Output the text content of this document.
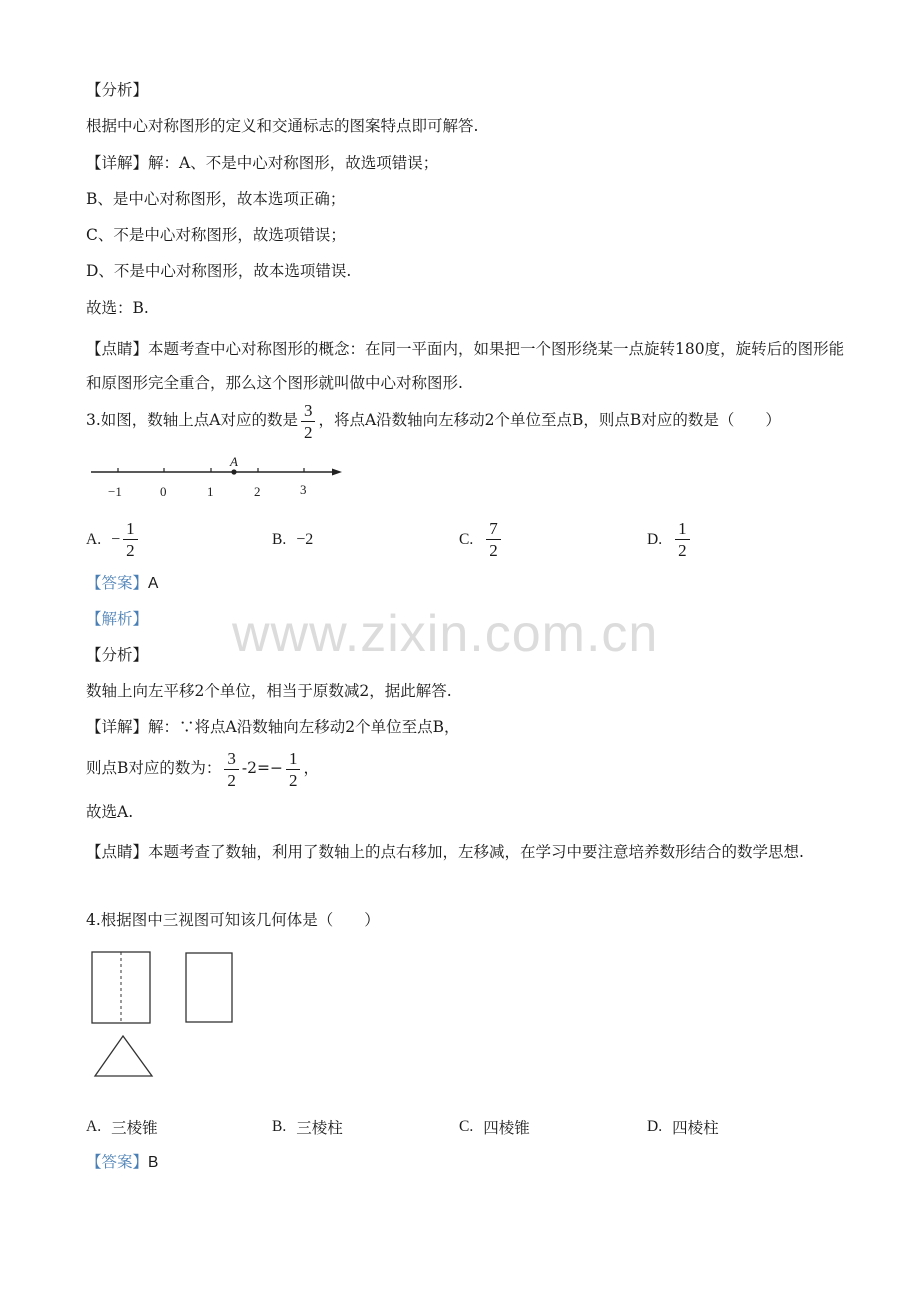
【分析】
根据中心对称图形的定义和交通标志的图案特点即可解答.
【详解】解：A、不是中心对称图形，故选项错误；
B、是中心对称图形，故本选项正确；
C、不是中心对称图形，故选项错误；
D、不是中心对称图形，故本选项错误.
故选：B.
【点睛】本题考查中心对称图形的概念：在同一平面内，如果把一个图形绕某一点旋转180度，旋转后的图形能和原图形完全重合，那么这个图形就叫做中心对称图形.
3.如图，数轴上点A对应的数是 $\frac{3}{2}$ ，将点A沿数轴向左移动2个单位至点B，则点B对应的数是（　　）
A
−1	0	1	2	3
A. − $\frac{1}{2}$	B. −2	C. $\frac{7}{2}$	D. $\frac{1}{2}$
【答案】A
【解析】 www.zixin.com.cn
【分析】
数轴上向左平移2个单位，相当于原数减2，据此解答.
【详解】解：∵将点A沿数轴向左移动2个单位至点B，
则点B对应的数为： $\frac{3}{2} -2=- \frac{1}{2}$ ，
故选A.
【点睛】本题考查了数轴，利用了数轴上的点右移加，左移减，在学习中要注意培养数形结合的数学思想.
4.根据图中三视图可知该几何体是（　　）
A. 三棱锥	B. 三棱柱	C. 四棱锥	D. 四棱柱
【答案】B
